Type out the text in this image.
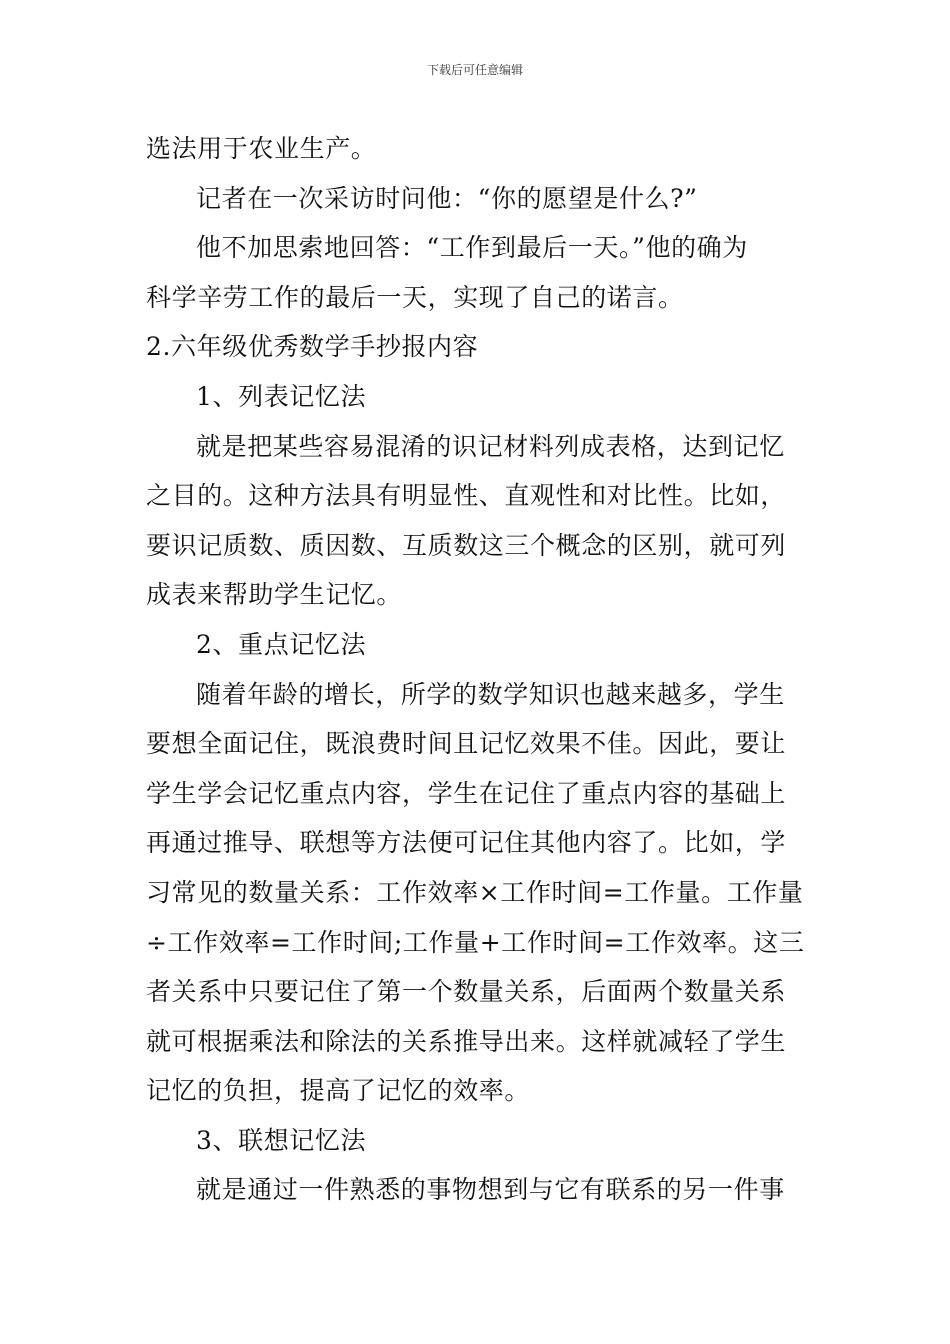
下载后可任意编辑
选法用于农业生产。
记者在一次采访时问他：“你的愿望是什么?”
他不加思索地回答：“工作到最后一天。”他的确为
科学辛劳工作的最后一天，实现了自己的诺言。
2.六年级优秀数学手抄报内容
1、列表记忆法
就是把某些容易混淆的识记材料列成表格，达到记忆
之目的。这种方法具有明显性、直观性和对比性。比如，
要识记质数、质因数、互质数这三个概念的区别，就可列
成表来帮助学生记忆。
2、重点记忆法
随着年龄的增长，所学的数学知识也越来越多，学生
要想全面记住，既浪费时间且记忆效果不佳。因此，要让
学生学会记忆重点内容，学生在记住了重点内容的基础上
再通过推导、联想等方法便可记住其他内容了。比如，学
习常见的数量关系：工作效率×工作时间=工作量。工作量
÷工作效率=工作时间;工作量+工作时间=工作效率。这三
者关系中只要记住了第一个数量关系，后面两个数量关系
就可根据乘法和除法的关系推导出来。这样就减轻了学生
记忆的负担，提高了记忆的效率。
3、联想记忆法
就是通过一件熟悉的事物想到与它有联系的另一件事
